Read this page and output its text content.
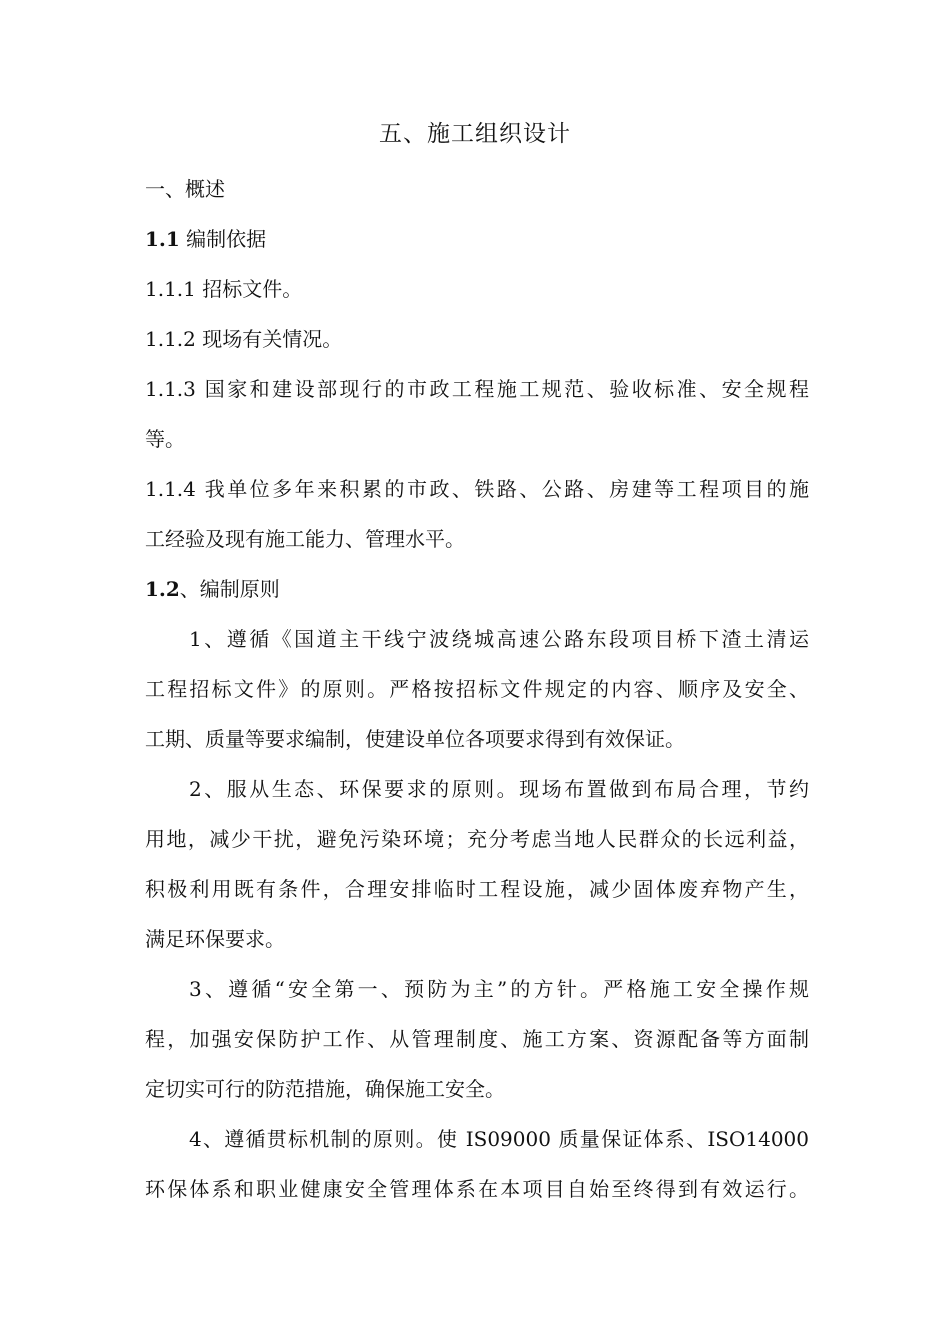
五、施工组织设计
一、概述
1.1 编制依据
1.1.1 招标文件。
1.1.2 现场有关情况。
1.1.3 国家和建设部现行的市政工程施工规范、验收标准、安全规程
等。
1.1.4 我单位多年来积累的市政、铁路、公路、房建等工程项目的施
工经验及现有施工能力、管理水平。
1.2、编制原则
1、遵循《国道主干线宁波绕城高速公路东段项目桥下渣土清运
工程招标文件》的原则。严格按招标文件规定的内容、顺序及安全、
工期、质量等要求编制，使建设单位各项要求得到有效保证。
2、服从生态、环保要求的原则。现场布置做到布局合理，节约
用地，减少干扰，避免污染环境；充分考虑当地人民群众的长远利益，
积极利用既有条件，合理安排临时工程设施，减少固体废弃物产生，
满足环保要求。
3、遵循“安全第一、预防为主”的方针。严格施工安全操作规
程，加强安保防护工作、从管理制度、施工方案、资源配备等方面制
定切实可行的防范措施，确保施工安全。
4、遵循贯标机制的原则。使 IS09000 质量保证体系、ISO14000
环保体系和职业健康安全管理体系在本项目自始至终得到有效运行。
